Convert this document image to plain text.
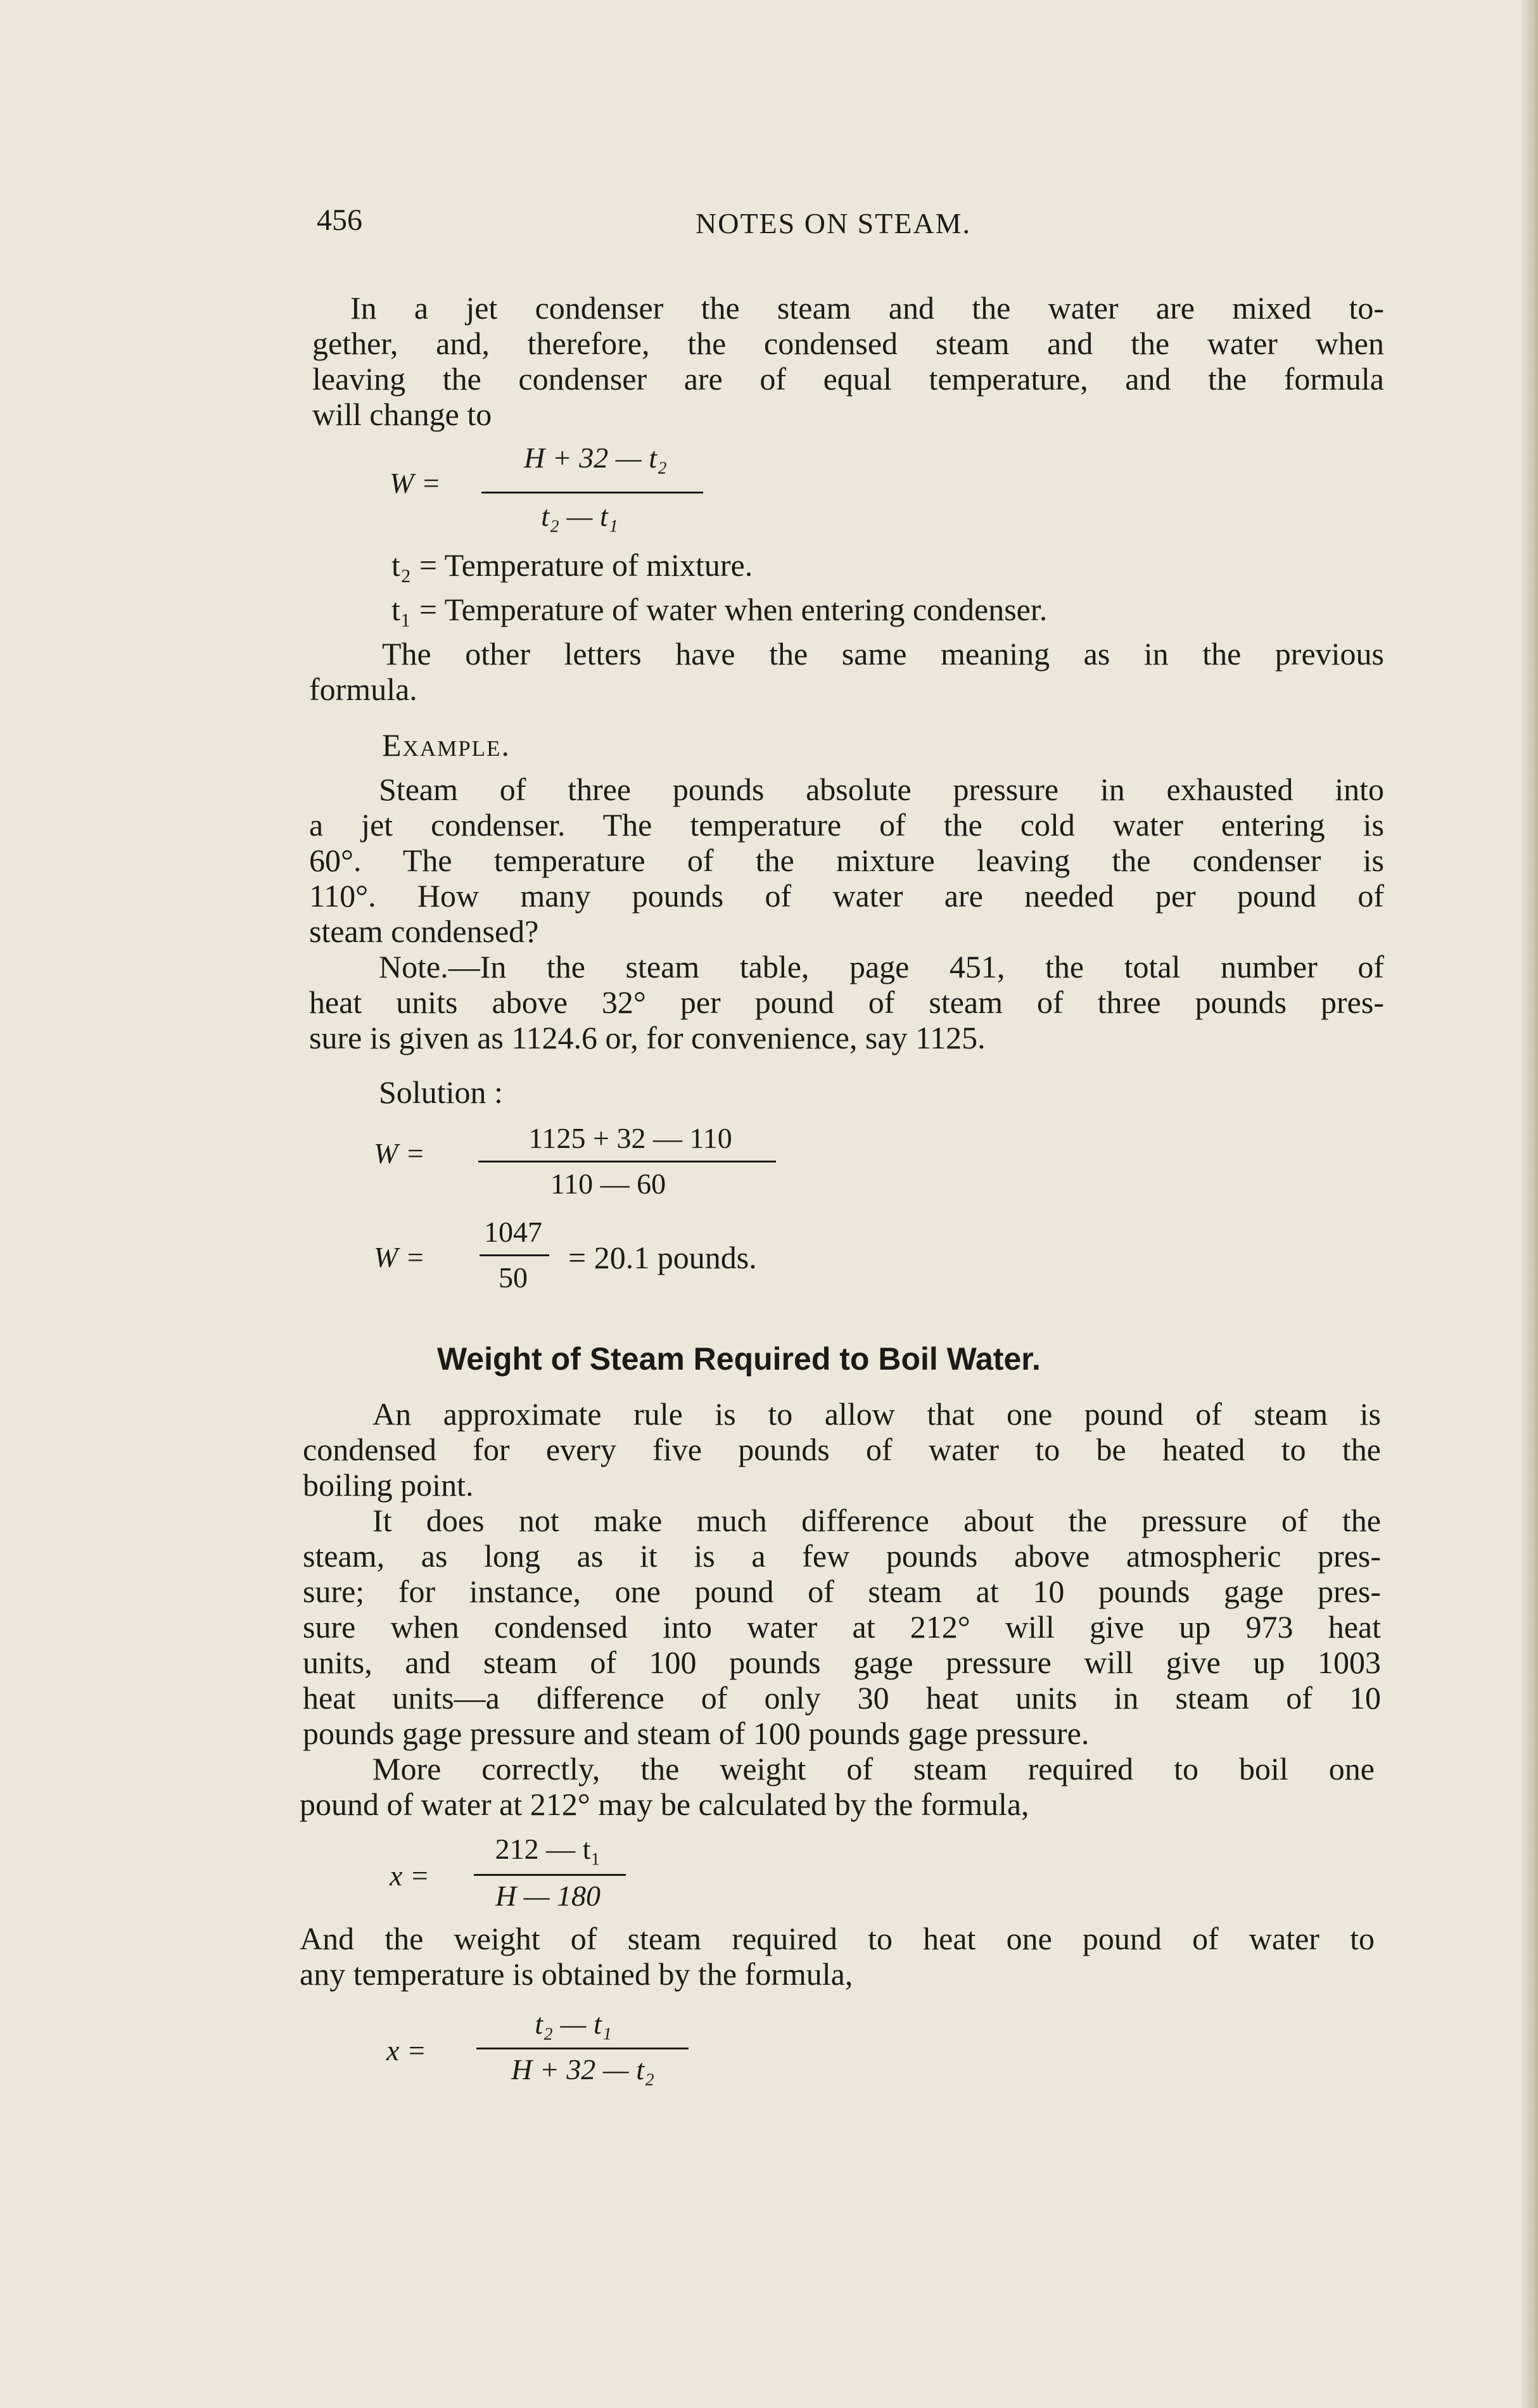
456	NOTES ON STEAM.
In a jet condenser the steam and the water are mixed to-
gether, and, therefore, the condensed steam and the water when
leaving the condenser are of equal temperature, and the formula
will change to
W =
H + 32 — t₂
t₂ — t₁
t₂ = Temperature of mixture.
t₁ = Temperature of water when entering condenser.
The other letters have the same meaning as in the previous
formula.
Example.
Steam of three pounds absolute pressure in exhausted into
a jet condenser. The temperature of the cold water entering is
60°. The temperature of the mixture leaving the condenser is
110°. How many pounds of water are needed per pound of
steam condensed?
Note.—In the steam table, page 451, the total number of
heat units above 32° per pound of steam of three pounds pres-
sure is given as 1124.6 or, for convenience, say 1125.
Solution :
W =	1125 + 32 — 110
110 — 60
W =
1047
50
= 20.1 pounds.
Weight of Steam Required to Boil Water.
An approximate rule is to allow that one pound of steam is
condensed for every five pounds of water to be heated to the
boiling point.
It does not make much difference about the pressure of the
steam, as long as it is a few pounds above atmospheric pres-
sure; for instance, one pound of steam at 10 pounds gage pres-
sure when condensed into water at 212° will give up 973 heat
units, and steam of 100 pounds gage pressure will give up 1003
heat units—a difference of only 30 heat units in steam of 10
pounds gage pressure and steam of 100 pounds gage pressure.
More correctly, the weight of steam required to boil one
pound of water at 212° may be calculated by the formula,
x =
212 — t₁
H — 180
And the weight of steam required to heat one pound of water to
any temperature is obtained by the formula,
x =
t₂ — t₁
H + 32 — t₂
